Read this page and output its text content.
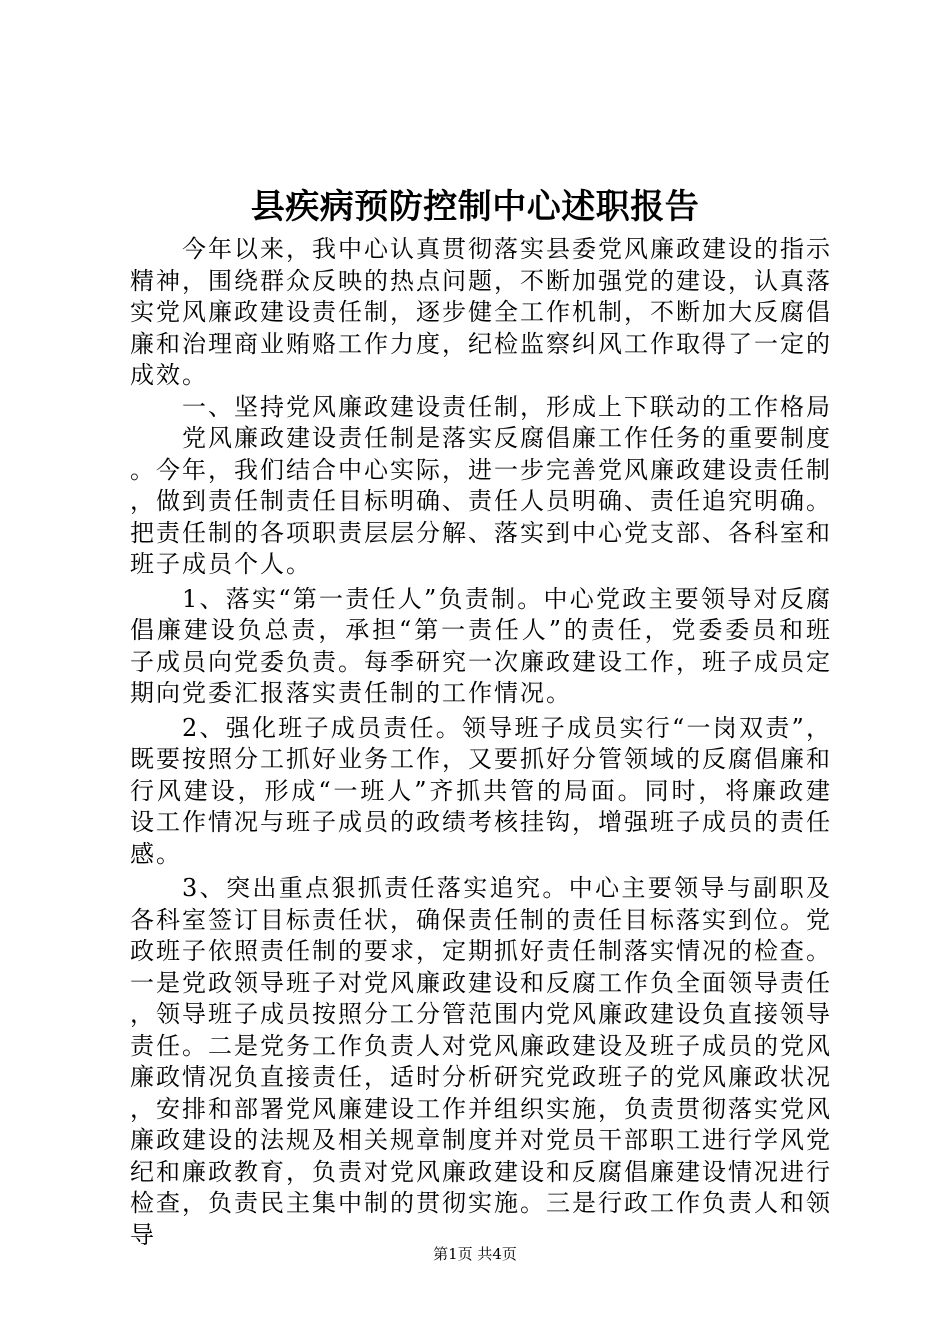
县疾病预防控制中心述职报告

今年以来，我中心认真贯彻落实县委党风廉政建设的指示精神，围绕群众反映的热点问题，不断加强党的建设，认真落实党风廉政建设责任制，逐步健全工作机制，不断加大反腐倡廉和治理商业贿赂工作力度，纪检监察纠风工作取得了一定的成效。

一、坚持党风廉政建设责任制，形成上下联动的工作格局

党风廉政建设责任制是落实反腐倡廉工作任务的重要制度。今年，我们结合中心实际，进一步完善党风廉政建设责任制，做到责任制责任目标明确、责任人员明确、责任追究明确。把责任制的各项职责层层分解、落实到中心党支部、各科室和班子成员个人。

1、落实“第一责任人”负责制。中心党政主要领导对反腐倡廉建设负总责，承担“第一责任人”的责任，党委委员和班子成员向党委负责。每季研究一次廉政建设工作，班子成员定期向党委汇报落实责任制的工作情况。

2、强化班子成员责任。领导班子成员实行“一岗双责”，既要按照分工抓好业务工作，又要抓好分管领域的反腐倡廉和行风建设，形成“一班人”齐抓共管的局面。同时，将廉政建设工作情况与班子成员的政绩考核挂钩，增强班子成员的责任感。

3、突出重点狠抓责任落实追究。中心主要领导与副职及各科室签订目标责任状，确保责任制的责任目标落实到位。党政班子依照责任制的要求，定期抓好责任制落实情况的检查。一是党政领导班子对党风廉政建设和反腐工作负全面领导责任，领导班子成员按照分工分管范围内党风廉政建设负直接领导责任。二是党务工作负责人对党风廉政建设及班子成员的党风廉政情况负直接责任，适时分析研究党政班子的党风廉政状况，安排和部署党风廉建设工作并组织实施，负责贯彻落实党风廉政建设的法规及相关规章制度并对党员干部职工进行学风党纪和廉政教育，负责对党风廉政建设和反腐倡廉建设情况进行检查，负责民主集中制的贯彻实施。三是行政工作负责人和领导

第1页 共4页
